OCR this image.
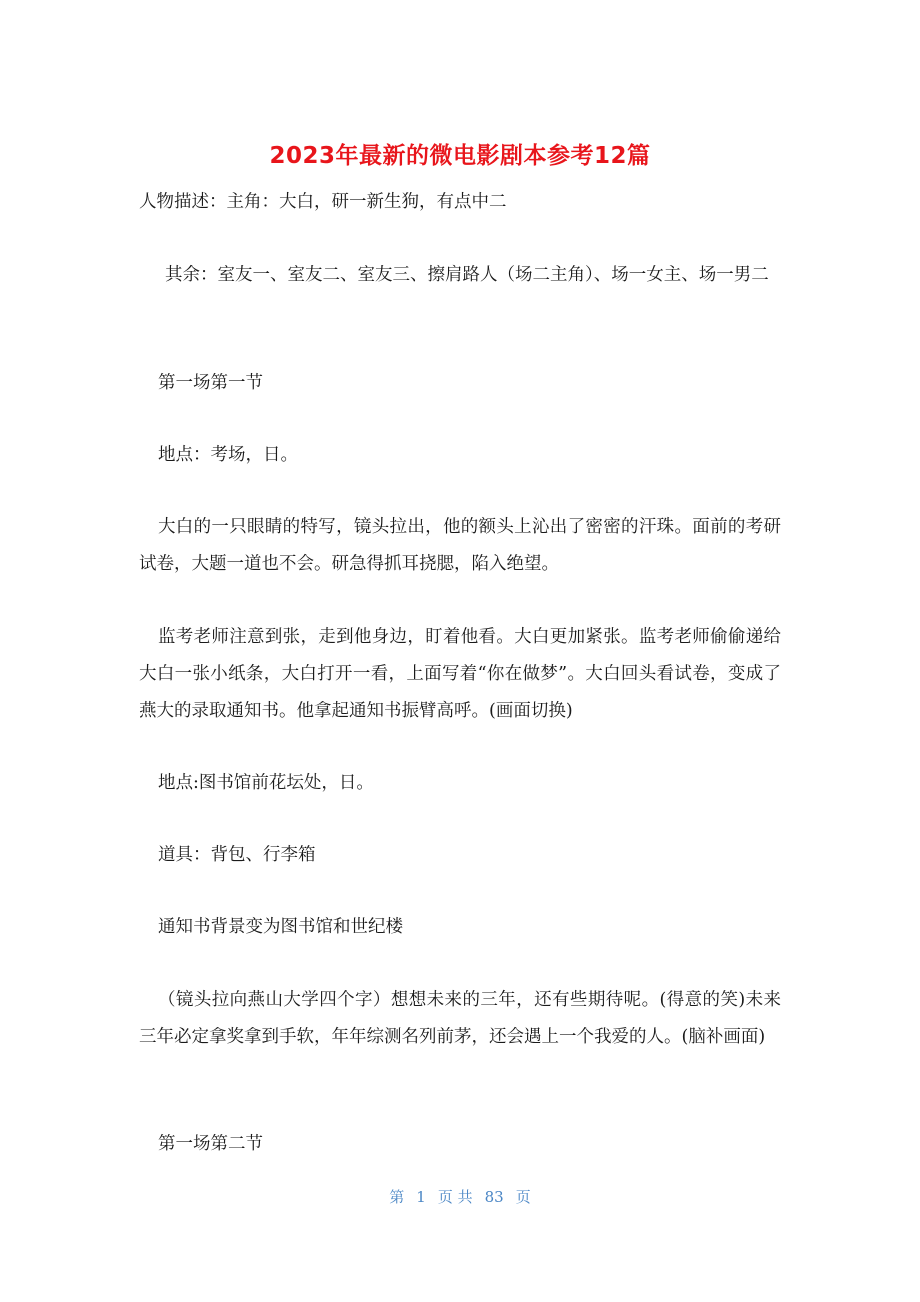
2023年最新的微电影剧本参考12篇

人物描述：主角：大白，研一新生狗，有点中二

其余：室友一、室友二、室友三、擦肩路人（场二主角）、场一女主、场一男二

第一场第一节

地点：考场，日。

大白的一只眼睛的特写，镜头拉出，他的额头上沁出了密密的汗珠。面前的考研试卷，大题一道也不会。研急得抓耳挠腮，陷入绝望。

监考老师注意到张，走到他身边，盯着他看。大白更加紧张。监考老师偷偷递给大白一张小纸条，大白打开一看，上面写着“你在做梦”。大白回头看试卷，变成了燕大的录取通知书。他拿起通知书振臂高呼。(画面切换)

地点:图书馆前花坛处，日。

道具：背包、行李箱

通知书背景变为图书馆和世纪楼

（镜头拉向燕山大学四个字）想想未来的三年，还有些期待呢。(得意的笑)未来三年必定拿奖拿到手软，年年综测名列前茅，还会遇上一个我爱的人。(脑补画面)

第一场第二节

第 1 页 共 83 页
